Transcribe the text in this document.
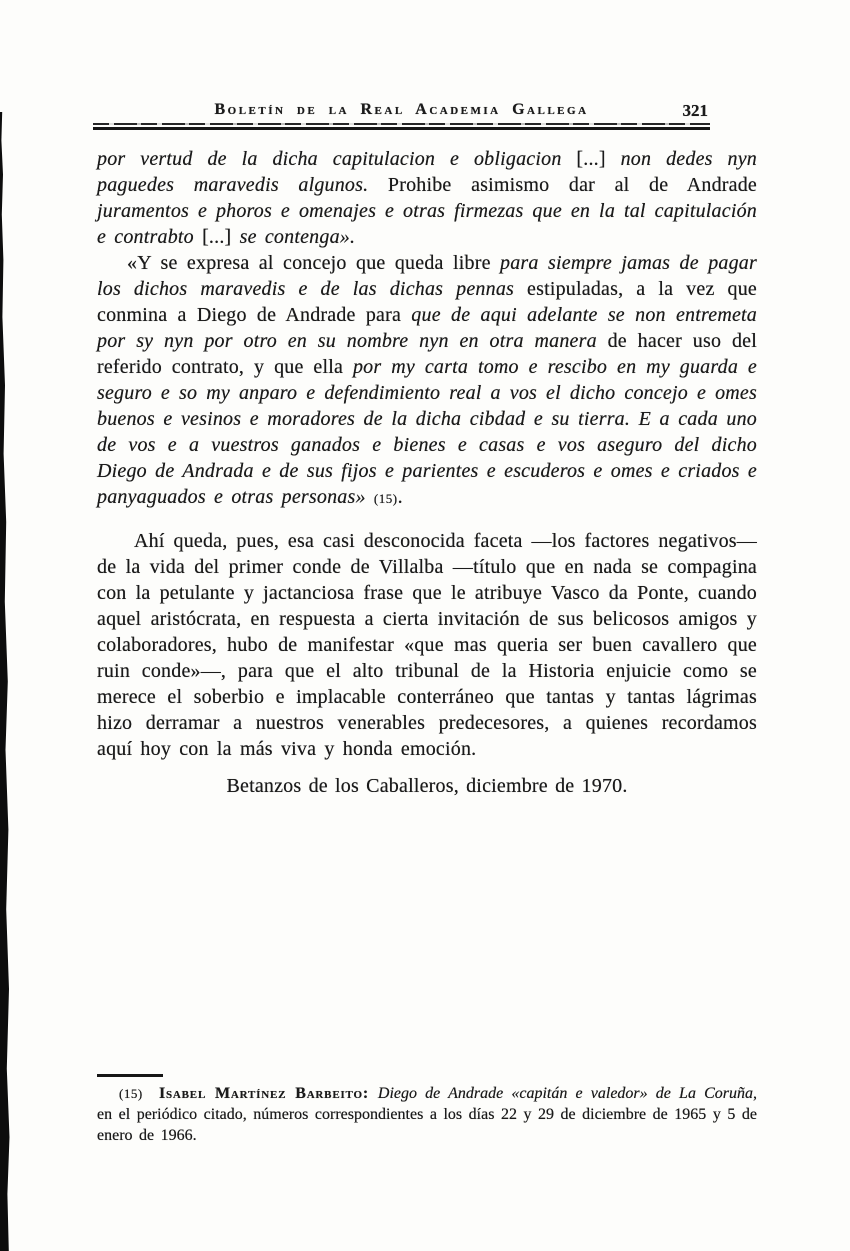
Boletín de la Real Academia Gallega	321

por vertud de la dicha capitulacion e obligacion [...] non dedes nyn paguedes maravedis algunos. Prohibe asimismo dar al de Andrade juramentos e phoros e omenajes e otras firmezas que en la tal capitulación e contrabto [...] se contenga».

«Y se expresa al concejo que queda libre para siempre jamas de pagar los dichos maravedis e de las dichas pennas estipuladas, a la vez que conmina a Diego de Andrade para que de aqui adelante se non entremeta por sy nyn por otro en su nombre nyn en otra manera de hacer uso del referido contrato, y que ella por my carta tomo e rescibo en my guarda e seguro e so my anparo e defendimiento real a vos el dicho concejo e omes buenos e vesinos e moradores de la dicha cibdad e su tierra. E a cada uno de vos e a vuestros ganados e bienes e casas e vos aseguro del dicho Diego de Andrada e de sus fijos e parientes e escuderos e omes e criados e panyaguados e otras personas» (15).

Ahí queda, pues, esa casi desconocida faceta —los factores negativos— de la vida del primer conde de Villalba —título que en nada se compagina con la petulante y jactanciosa frase que le atribuye Vasco da Ponte, cuando aquel aristócrata, en respuesta a cierta invitación de sus belicosos amigos y colaboradores, hubo de manifestar «que mas queria ser buen cavallero que ruin conde»—, para que el alto tribunal de la Historia enjuicie como se merece el soberbio e implacable conterráneo que tantas y tantas lágrimas hizo derramar a nuestros venerables predecesores, a quienes recordamos aquí hoy con la más viva y honda emoción.

Betanzos de los Caballeros, diciembre de 1970.

(15) Isabel Martínez Barbeito: Diego de Andrade «capitán e valedor» de La Coruña, en el periódico citado, números correspondientes a los días 22 y 29 de diciembre de 1965 y 5 de enero de 1966.
